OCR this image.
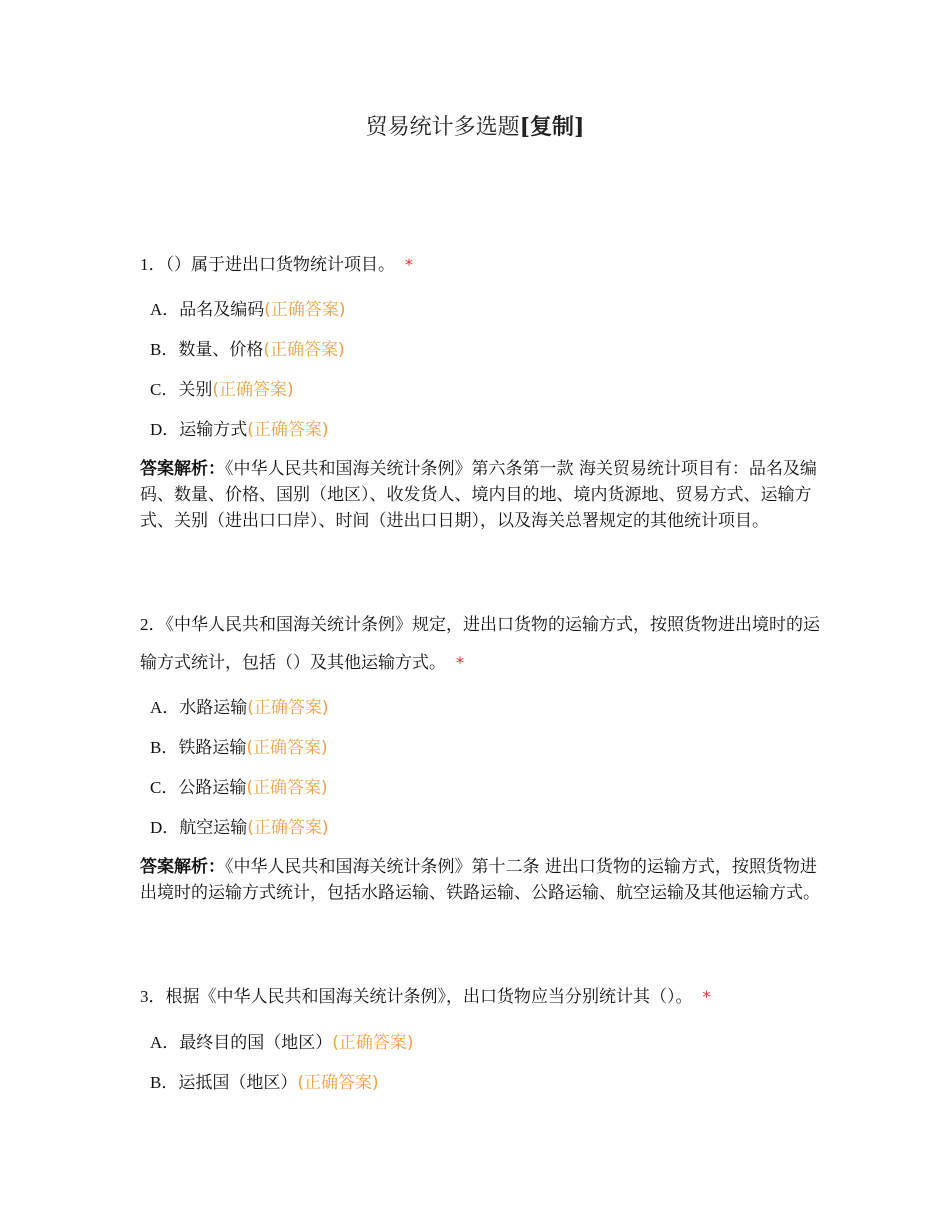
贸易统计多选题[复制]
1．（）属于进出口货物统计项目。 *
A．品名及编码(正确答案)
B．数量、价格(正确答案)
C．关别(正确答案)
D．运输方式(正确答案)
答案解析：《中华人民共和国海关统计条例》第六条第一款 海关贸易统计项目有：品名及编码、数量、价格、国别（地区）、收发货人、境内目的地、境内货源地、贸易方式、运输方式、关别（进出口口岸）、时间（进出口日期），以及海关总署规定的其他统计项目。
2．《中华人民共和国海关统计条例》规定，进出口货物的运输方式，按照货物进出境时的运输方式统计，包括（）及其他运输方式。 *
A．水路运输(正确答案)
B．铁路运输(正确答案)
C．公路运输(正确答案)
D．航空运输(正确答案)
答案解析：《中华人民共和国海关统计条例》第十二条 进出口货物的运输方式，按照货物进出境时的运输方式统计，包括水路运输、铁路运输、公路运输、航空运输及其他运输方式。
3．根据《中华人民共和国海关统计条例》，出口货物应当分别统计其（）。 *
A．最终目的国（地区）(正确答案)
B．运抵国（地区）(正确答案)
